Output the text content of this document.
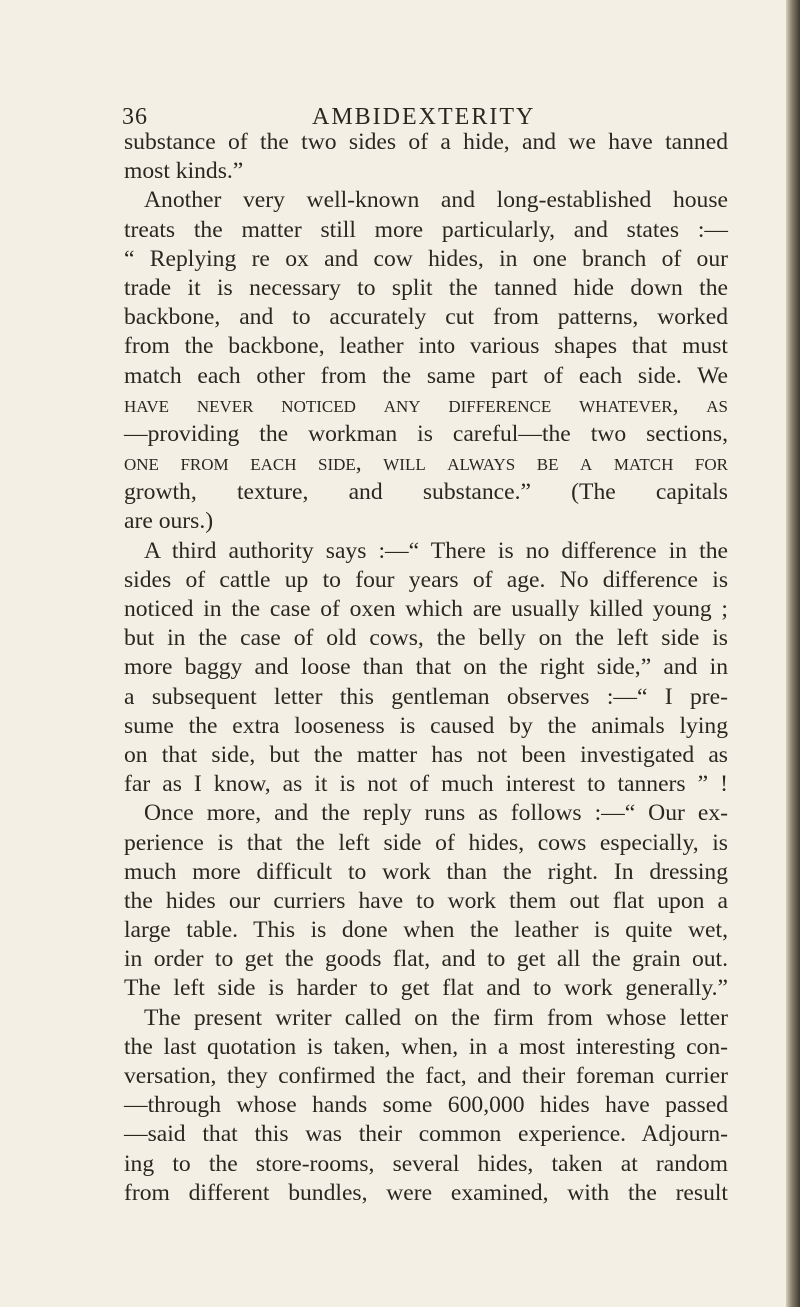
36	AMBIDEXTERITY
substance of the two sides of a hide, and we have tanned
most kinds.”
Another very well-known and long-established house
treats the matter still more particularly, and states :—
“ Replying re ox and cow hides, in one branch of our
trade it is necessary to split the tanned hide down the
backbone, and to accurately cut from patterns, worked
from the backbone, leather into various shapes that must
match each other from the same part of each side. We
have never noticed any difference whatever, as
—providing the workman is careful—the two sections,
one from each side, will always be a match for
growth, texture, and substance.” (The capitals
are ours.)
A third authority says :—“ There is no difference in the
sides of cattle up to four years of age. No difference is
noticed in the case of oxen which are usually killed young ;
but in the case of old cows, the belly on the left side is
more baggy and loose than that on the right side,” and in
a subsequent letter this gentleman observes :—“ I pre-
sume the extra looseness is caused by the animals lying
on that side, but the matter has not been investigated as
far as I know, as it is not of much interest to tanners ” !
Once more, and the reply runs as follows :—“ Our ex-
perience is that the left side of hides, cows especially, is
much more difficult to work than the right. In dressing
the hides our curriers have to work them out flat upon a
large table. This is done when the leather is quite wet,
in order to get the goods flat, and to get all the grain out.
The left side is harder to get flat and to work generally.”
The present writer called on the firm from whose letter
the last quotation is taken, when, in a most interesting con-
versation, they confirmed the fact, and their foreman currier
—through whose hands some 600,000 hides have passed
—said that this was their common experience. Adjourn-
ing to the store-rooms, several hides, taken at random
from different bundles, were examined, with the result
